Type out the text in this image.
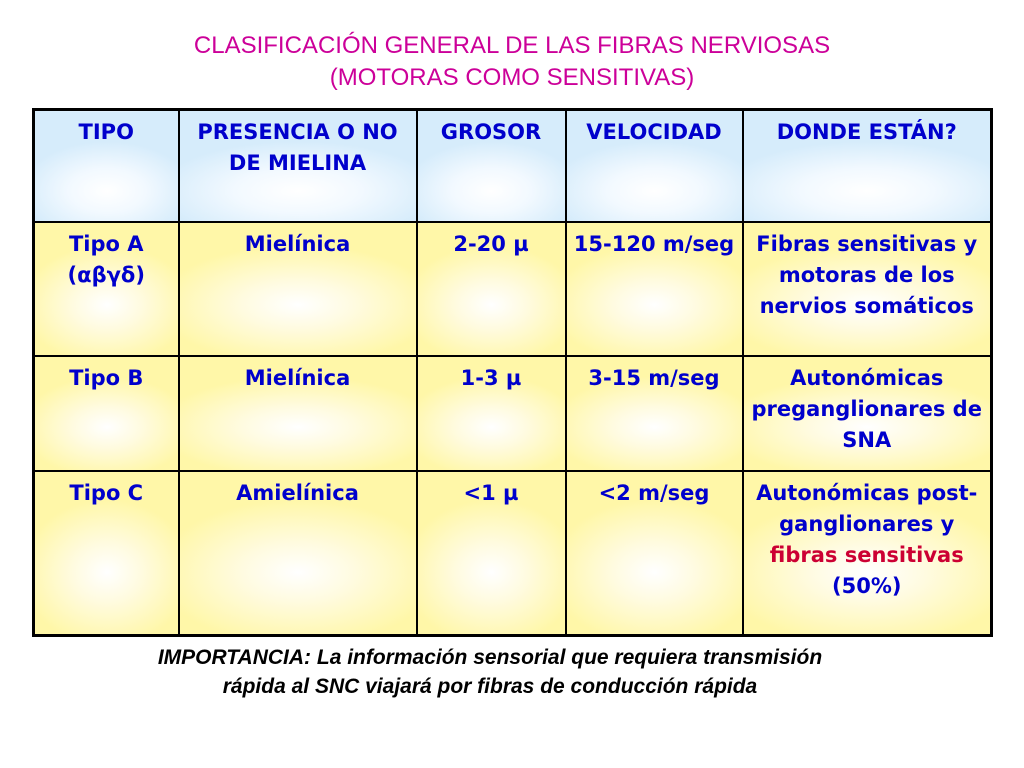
CLASIFICACIÓN GENERAL DE LAS FIBRAS NERVIOSAS
(MOTORAS COMO SENSITIVAS)
TIPO	PRESENCIA O NO DE MIELINA	GROSOR	VELOCIDAD	DONDE ESTÁN?
Tipo A (αβγδ)	Mielínica	2-20 µ	15-120 m/seg	Fibras sensitivas y motoras de los nervios somáticos
Tipo B	Mielínica	1-3 µ	3-15 m/seg	Autonómicas preganglionares de SNA
Tipo C	Amielínica	<1 µ	<2 m/seg	Autonómicas post-ganglionares y fibras sensitivas (50%)
IMPORTANCIA: La información sensorial que requiera transmisión
rápida al SNC viajará por fibras de conducción rápida
